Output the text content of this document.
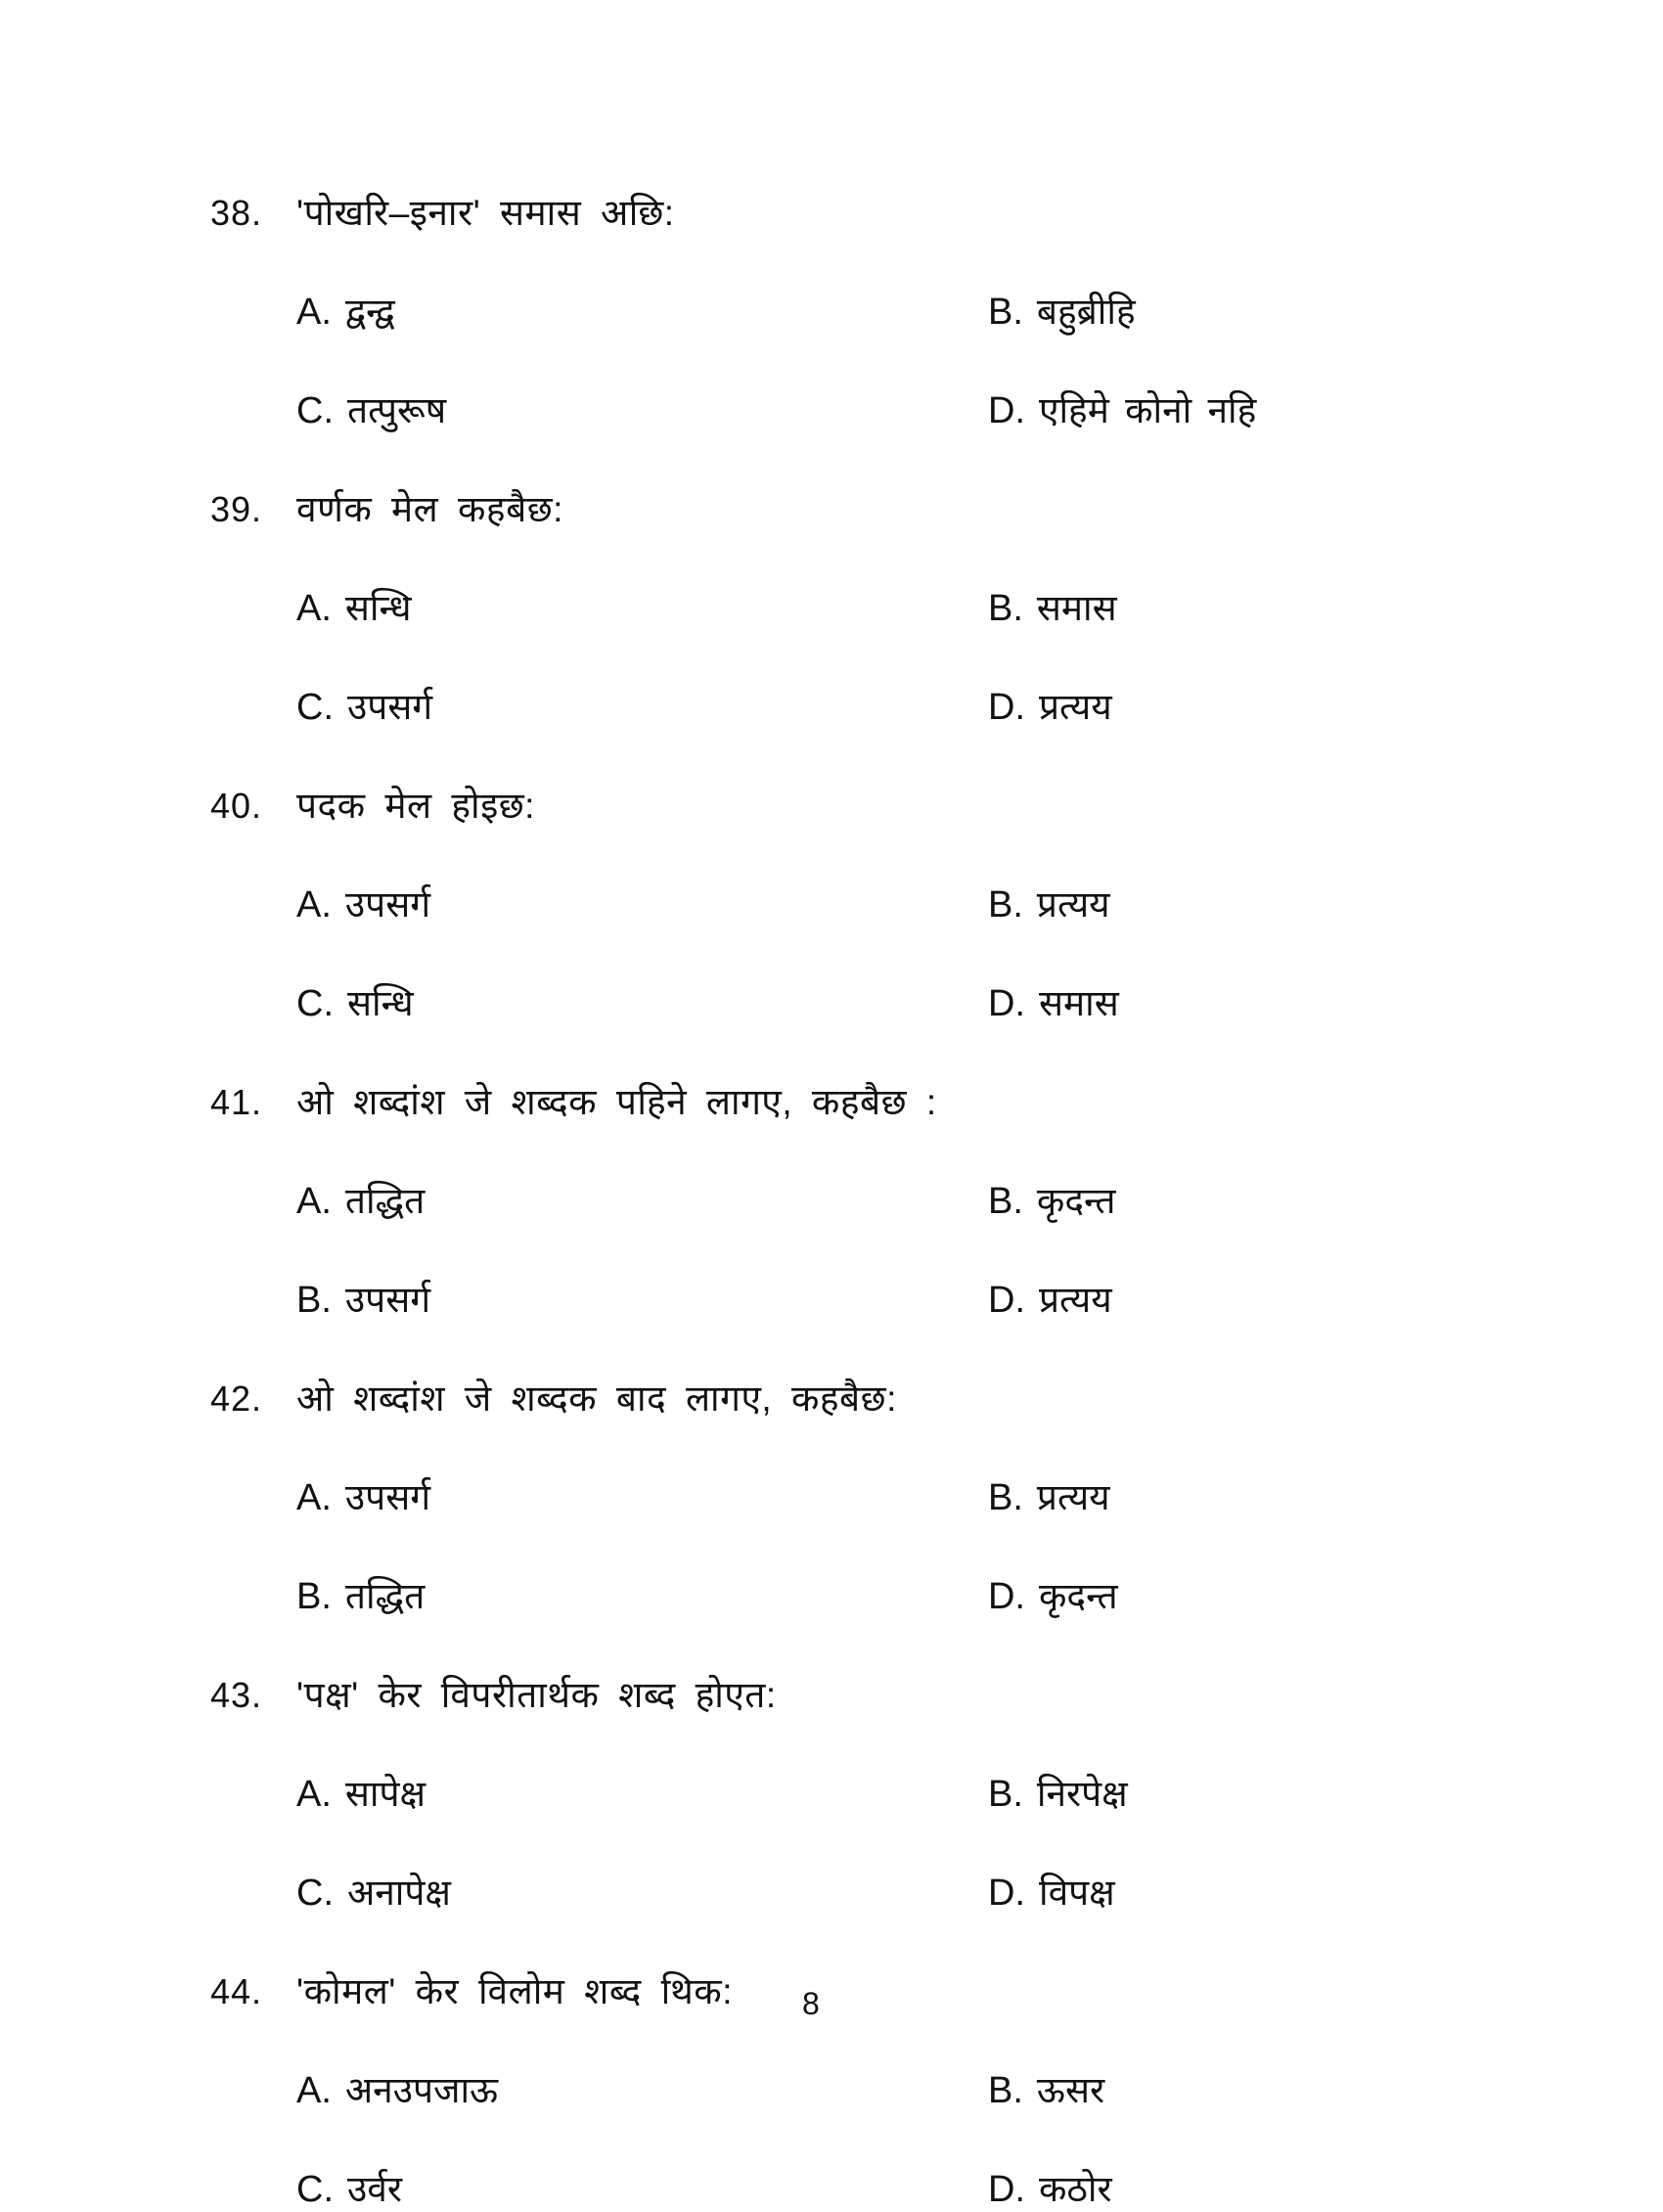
38. 'पोखरि–इनार' समास अछि:
A. द्वन्द्व	B. बहुब्रीहि
C. तत्पुरूष	D. एहिमे कोनो नहि
39. वर्णक मेल कहबैछ:
A. सन्धि	B. समास
C. उपसर्ग	D. प्रत्यय
40. पदक मेल होइछ:
A. उपसर्ग	B. प्रत्यय
C. सन्धि	D. समास
41. ओ शब्दांश जे शब्दक पहिने लागए, कहबैछ :
A. तद्धित	B. कृदन्त
B. उपसर्ग	D. प्रत्यय
42. ओ शब्दांश जे शब्दक बाद लागए, कहबैछ:
A. उपसर्ग	B. प्रत्यय
B. तद्धित	D. कृदन्त
43. 'पक्ष' केर विपरीतार्थक शब्द होएत:
A. सापेक्ष	B. निरपेक्ष
C. अनापेक्ष	D. विपक्ष
44. 'कोमल' केर विलोम शब्द थिक:
A. अनउपजाऊ	B. ऊसर
C. उर्वर	D. कठोर
8
